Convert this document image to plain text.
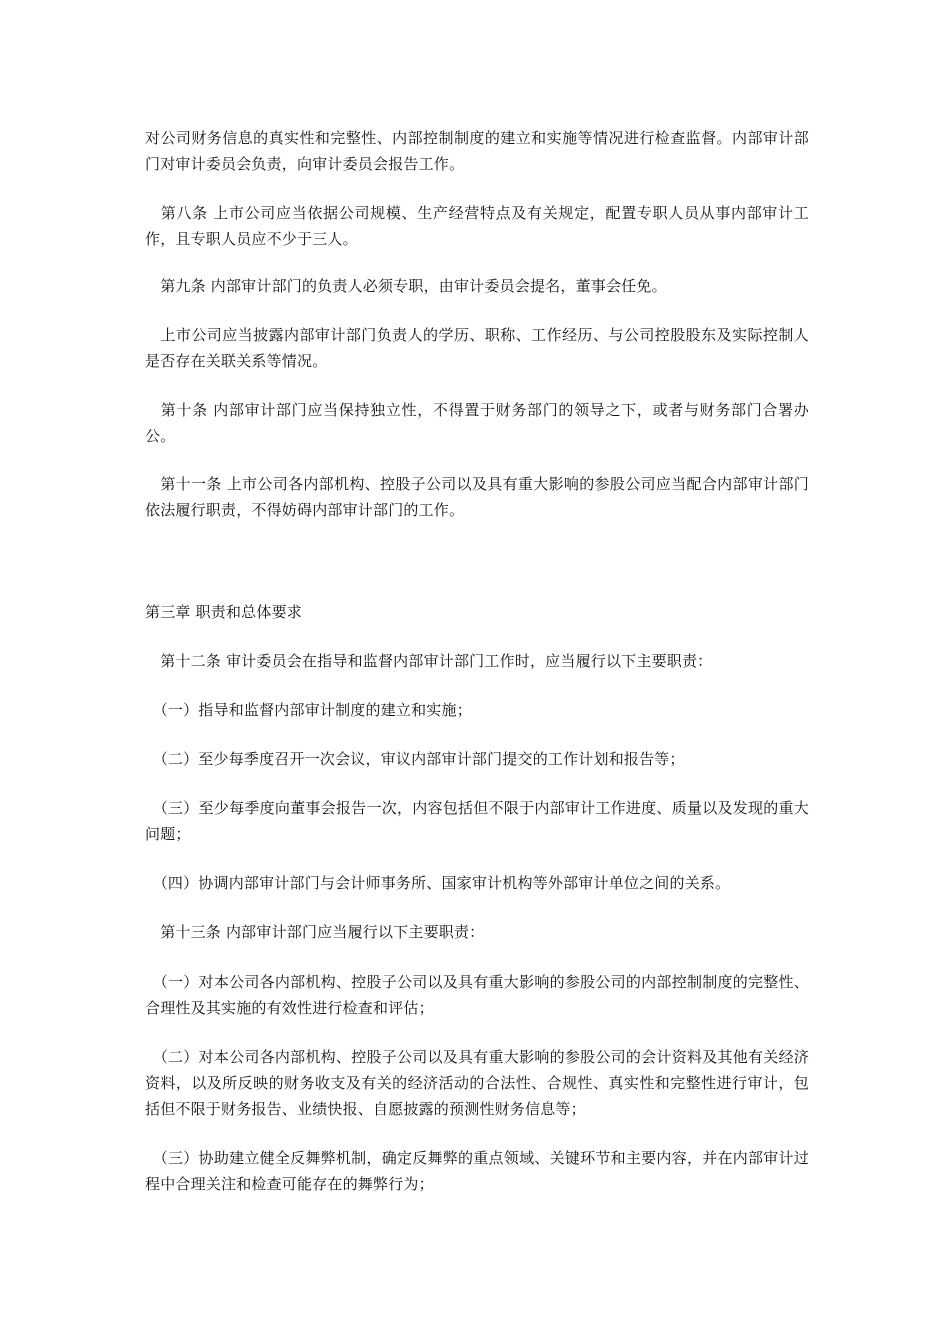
对公司财务信息的真实性和完整性、内部控制制度的建立和实施等情况进行检查监督。内部审计部门对审计委员会负责，向审计委员会报告工作。

　第八条 上市公司应当依据公司规模、生产经营特点及有关规定，配置专职人员从事内部审计工作，且专职人员应不少于三人。

　第九条 内部审计部门的负责人必须专职，由审计委员会提名，董事会任免。

　上市公司应当披露内部审计部门负责人的学历、职称、工作经历、与公司控股股东及实际控制人是否存在关联关系等情况。

　第十条 内部审计部门应当保持独立性，不得置于财务部门的领导之下，或者与财务部门合署办公。

　第十一条 上市公司各内部机构、控股子公司以及具有重大影响的参股公司应当配合内部审计部门依法履行职责，不得妨碍内部审计部门的工作。

第三章 职责和总体要求

　第十二条 审计委员会在指导和监督内部审计部门工作时，应当履行以下主要职责：

　（一）指导和监督内部审计制度的建立和实施；

　（二）至少每季度召开一次会议，审议内部审计部门提交的工作计划和报告等；

　（三）至少每季度向董事会报告一次，内容包括但不限于内部审计工作进度、质量以及发现的重大问题；

　（四）协调内部审计部门与会计师事务所、国家审计机构等外部审计单位之间的关系。

　第十三条 内部审计部门应当履行以下主要职责：

　（一）对本公司各内部机构、控股子公司以及具有重大影响的参股公司的内部控制制度的完整性、合理性及其实施的有效性进行检查和评估；

　（二）对本公司各内部机构、控股子公司以及具有重大影响的参股公司的会计资料及其他有关经济资料，以及所反映的财务收支及有关的经济活动的合法性、合规性、真实性和完整性进行审计，包括但不限于财务报告、业绩快报、自愿披露的预测性财务信息等；

　（三）协助建立健全反舞弊机制，确定反舞弊的重点领域、关键环节和主要内容，并在内部审计过程中合理关注和检查可能存在的舞弊行为；
